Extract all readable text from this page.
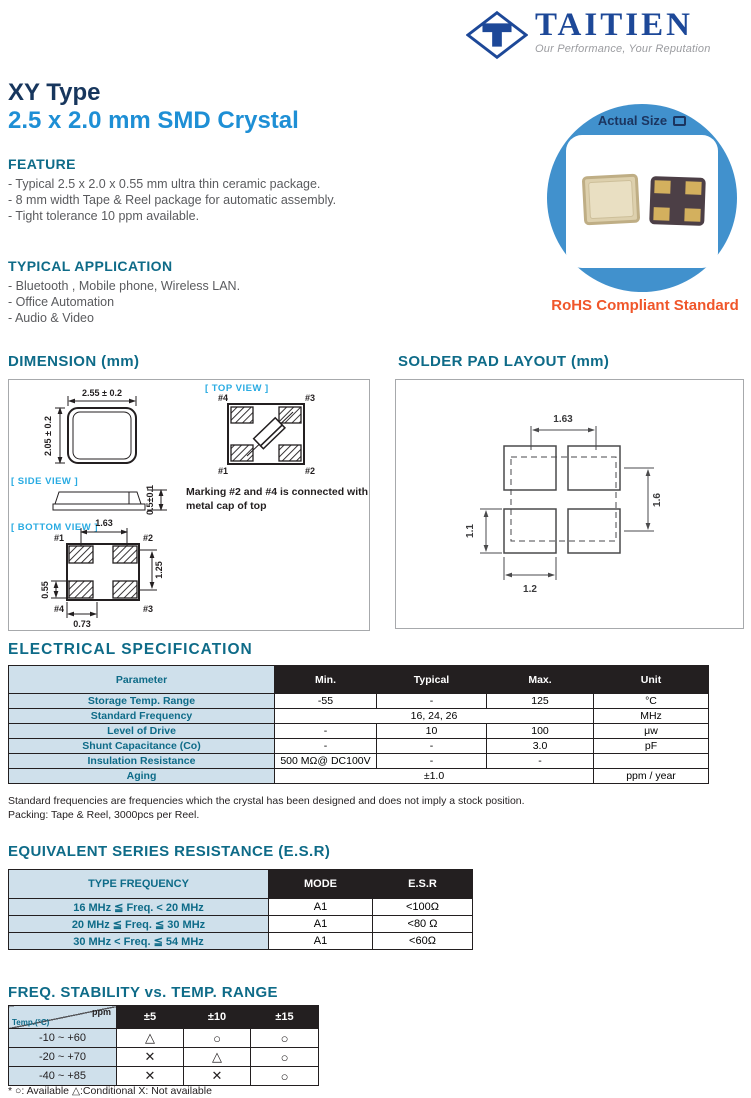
TAITIEN
Our Performance, Your Reputation
XY Type
2.5 x 2.0 mm SMD Crystal
FEATURE
- Typical 2.5 x 2.0 x 0.55 mm ultra thin ceramic package.
- 8 mm width Tape & Reel package for automatic assembly.
- Tight tolerance 10 ppm available.
TYPICAL APPLICATION
- Bluetooth , Mobile phone, Wireless LAN.
- Office Automation
- Audio & Video
Actual Size
RoHS Compliant Standard
DIMENSION (mm)
[ TOP VIEW ]
2.55 ± 0.2
2.05 ± 0.2
#4	#3
#1	#2
[ SIDE VIEW ]
0.5±0.1
[ BOTTOM VIEW ]
1.63
#1	#2
#4	#3
1.25
0.55
0.73
Marking #2 and #4 is connected with
metal cap of top
SOLDER PAD LAYOUT (mm)
1.63
1.6
1.1
1.2
ELECTRICAL SPECIFICATION
Parameter	Min.	Typical	Max.	Unit
Storage Temp. Range	-55	-	125	°C
Standard Frequency	16, 24, 26			MHz
Level of Drive	-	10	100	μw
Shunt Capacitance (Co)	-	-	3.0	pF
Insulation Resistance	500 MΩ@ DC100V	-	-	
Aging	±1.0			ppm / year
Standard frequencies are frequencies which the crystal has been designed and does not imply a stock position.
Packing: Tape & Reel, 3000pcs per Reel.
EQUIVALENT SERIES RESISTANCE (E.S.R)
TYPE FREQUENCY	MODE	E.S.R
16 MHz ≦ Freq. < 20 MHz	A1	<100Ω
20 MHz ≦ Freq. ≦ 30 MHz	A1	<80 Ω
30 MHz < Freq. ≦ 54 MHz	A1	<60Ω
FREQ. STABILITY vs. TEMP. RANGE
ppm
Temp.(°C)	±5	±10	±15
-10 ~ +60	△	○	○
-20 ~ +70	✕	△	○
-40 ~ +85	✕	✕	○
* ○: Available △:Conditional X: Not available
